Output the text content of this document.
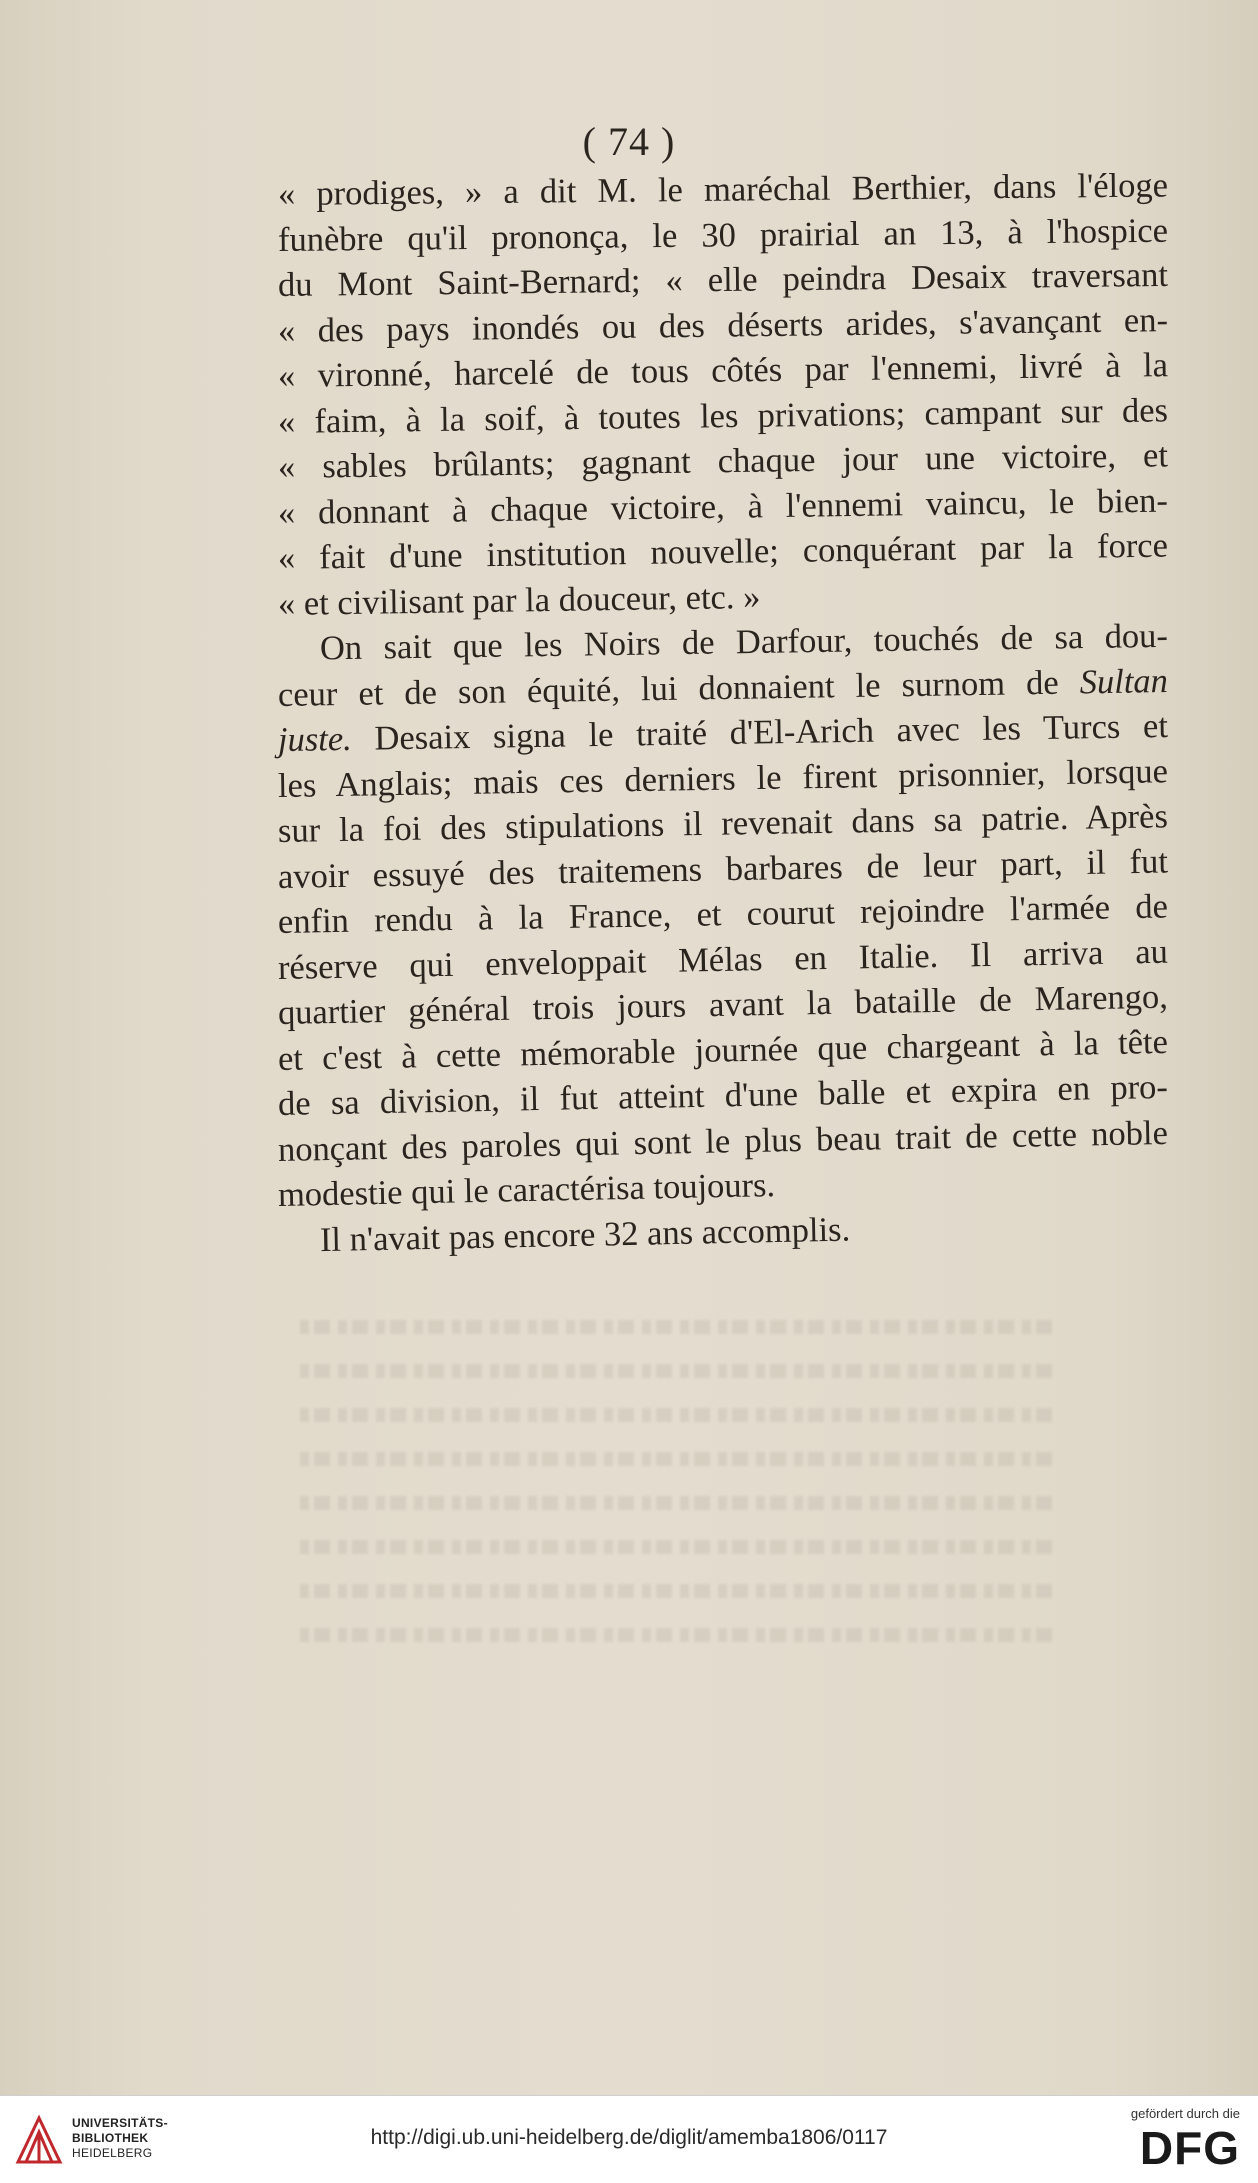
( 74 )
« prodiges, » a dit M. le maréchal Berthier, dans l'éloge
funèbre qu'il prononça, le 30 prairial an 13, à l'hospice
du Mont Saint-Bernard; « elle peindra Desaix traversant
« des pays inondés ou des déserts arides, s'avançant en-
« vironné, harcelé de tous côtés par l'ennemi, livré à la
« faim, à la soif, à toutes les privations; campant sur des
« sables brûlants; gagnant chaque jour une victoire, et
« donnant à chaque victoire, à l'ennemi vaincu, le bien-
« fait d'une institution nouvelle; conquérant par la force
« et civilisant par la douceur, etc. »
On sait que les Noirs de Darfour, touchés de sa dou-
ceur et de son équité, lui donnaient le surnom de Sultan
juste. Desaix signa le traité d'El-Arich avec les Turcs et
les Anglais; mais ces derniers le firent prisonnier, lorsque
sur la foi des stipulations il revenait dans sa patrie. Après
avoir essuyé des traitemens barbares de leur part, il fut
enfin rendu à la France, et courut rejoindre l'armée de
réserve qui enveloppait Mélas en Italie. Il arriva au
quartier général trois jours avant la bataille de Marengo,
et c'est à cette mémorable journée que chargeant à la tête
de sa division, il fut atteint d'une balle et expira en pro-
nonçant des paroles qui sont le plus beau trait de cette noble
modestie qui le caractérisa toujours.
Il n'avait pas encore 32 ans accomplis.
UNIVERSITÄTS-
BIBLIOTHEK
HEIDELBERG
http://digi.ub.uni-heidelberg.de/diglit/amemba1806/0117
gefördert durch die
DFG
